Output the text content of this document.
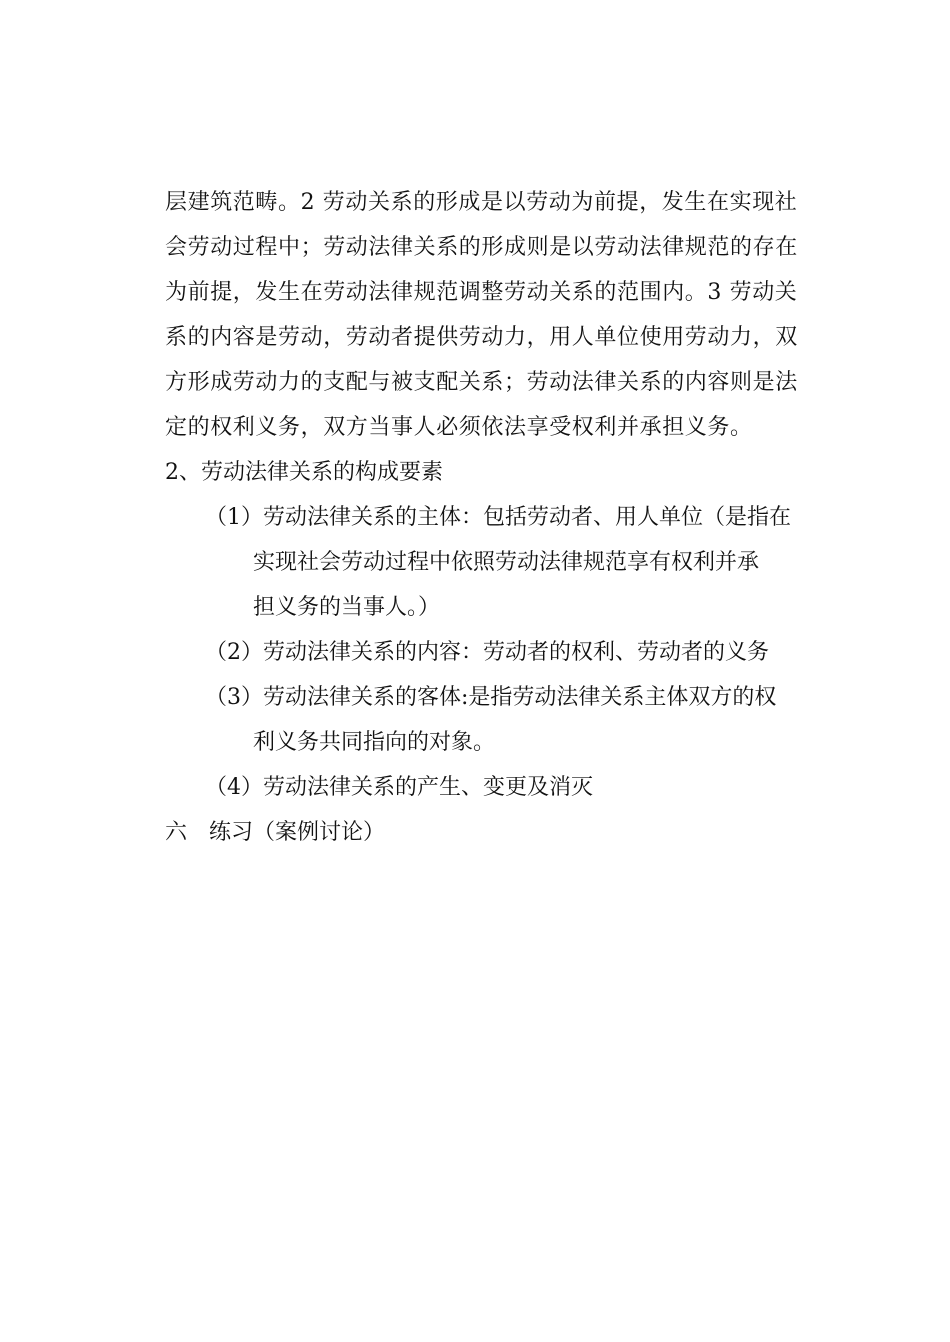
层建筑范畴。2 劳动关系的形成是以劳动为前提，发生在实现社
会劳动过程中；劳动法律关系的形成则是以劳动法律规范的存在
为前提，发生在劳动法律规范调整劳动关系的范围内。3 劳动关
系的内容是劳动，劳动者提供劳动力，用人单位使用劳动力，双
方形成劳动力的支配与被支配关系；劳动法律关系的内容则是法
定的权利义务，双方当事人必须依法享受权利并承担义务。
2、劳动法律关系的构成要素
（1） 劳动法律关系的主体：包括劳动者、用人单位（是指在
实现社会劳动过程中依照劳动法律规范享有权利并承
担义务的当事人。）
（2） 劳动法律关系的内容：劳动者的权利、劳动者的义务
（3） 劳动法律关系的客体:是指劳动法律关系主体双方的权
利义务共同指向的对象。
（4） 劳动法律关系的产生、变更及消灭
六 练习（案例讨论）
